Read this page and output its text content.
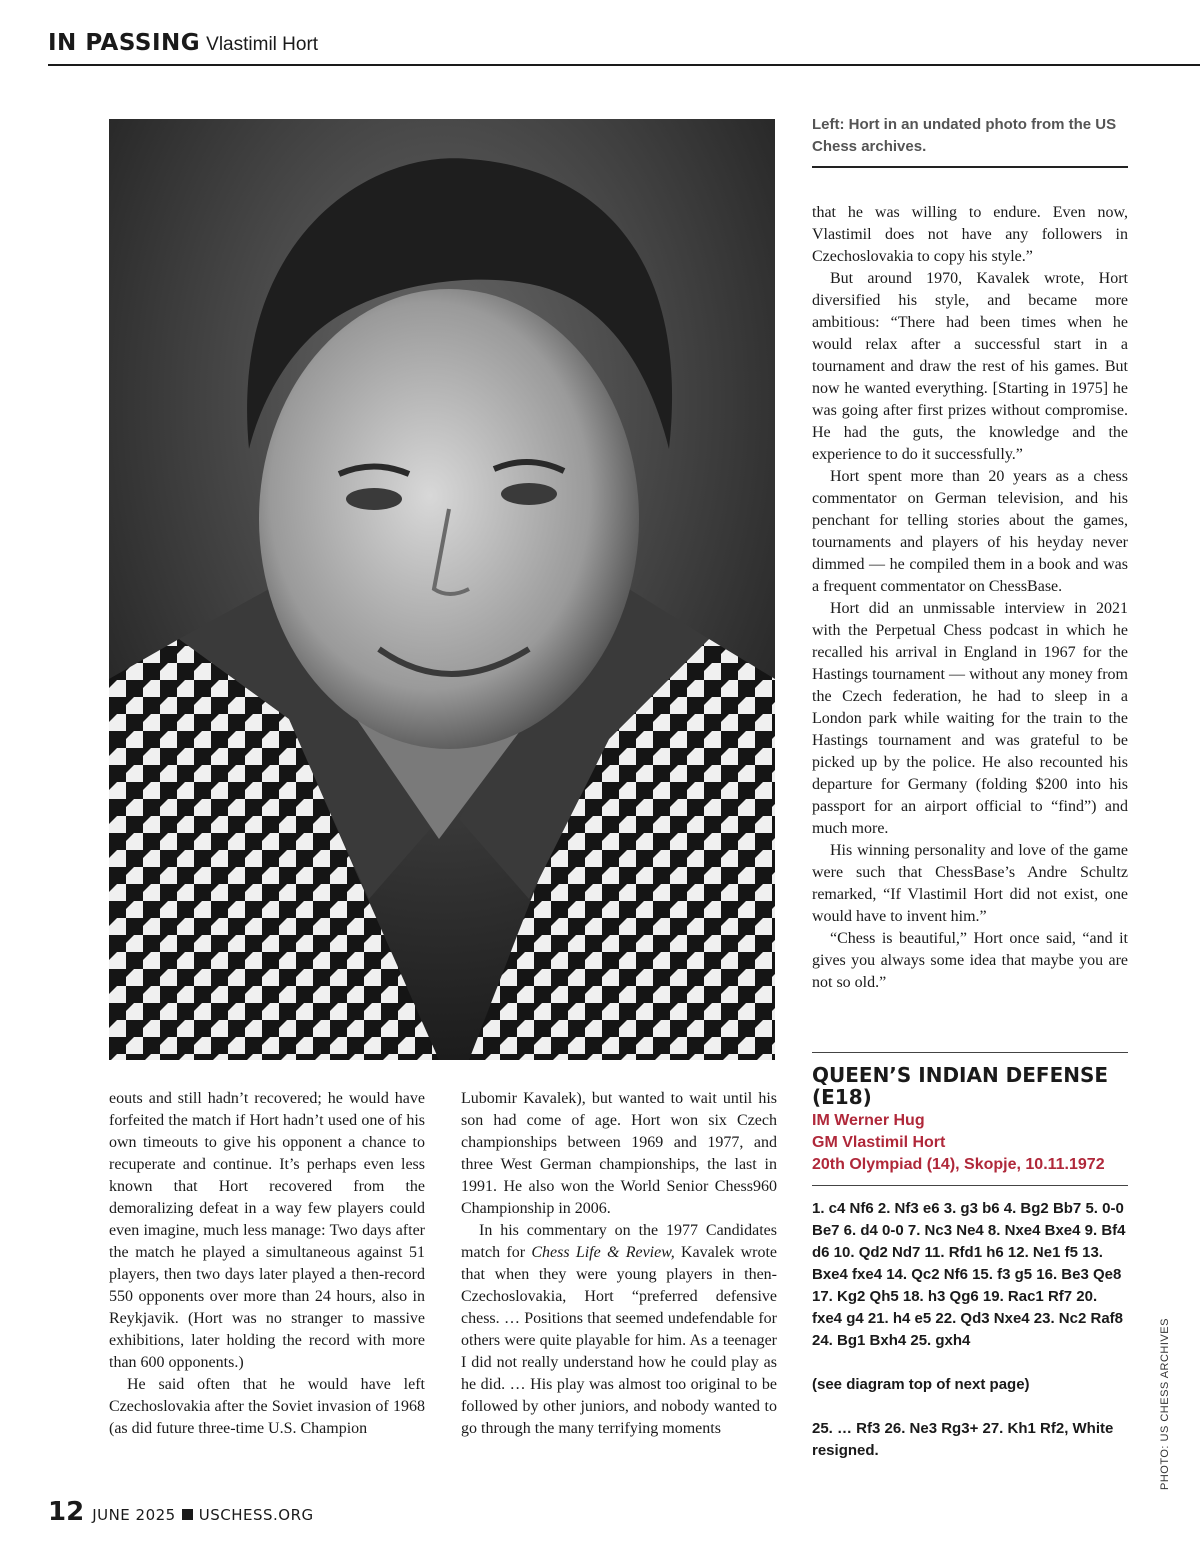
IN PASSING Vlastimil Hort
Left: Hort in an undated photo from the US Chess archives.

eouts and still hadn’t recovered; he would have forfeited the match if Hort hadn’t used one of his own timeouts to give his opponent a chance to recuperate and continue. It’s perhaps even less known that Hort recovered from the demoralizing defeat in a way few players could even imagine, much less manage: Two days after the match he played a simultaneous against 51 players, then two days later played a then-record 550 opponents over more than 24 hours, also in Reykjavik. (Hort was no stranger to massive exhibitions, later holding the record with more than 600 opponents.)

He said often that he would have left Czechoslovakia after the Soviet invasion of 1968 (as did future three-time U.S. Champion

Lubomir Kavalek), but wanted to wait until his son had come of age. Hort won six Czech championships between 1969 and 1977, and three West German championships, the last in 1991. He also won the World Senior Chess960 Championship in 2006.

In his commentary on the 1977 Candidates match for Chess Life & Review, Kavalek wrote that when they were young players in then-Czechoslovakia, Hort “preferred defensive chess. … Positions that seemed undefendable for others were quite playable for him. As a teenager I did not really understand how he could play as he did. … His play was almost too original to be followed by other juniors, and nobody wanted to go through the many terrifying moments

that he was willing to endure. Even now, Vlastimil does not have any followers in Czechoslovakia to copy his style.”

But around 1970, Kavalek wrote, Hort diversified his style, and became more ambitious: “There had been times when he would relax after a successful start in a tournament and draw the rest of his games. But now he wanted everything. [Starting in 1975] he was going after first prizes without compromise. He had the guts, the knowledge and the experience to do it successfully.”

Hort spent more than 20 years as a chess commentator on German television, and his penchant for telling stories about the games, tournaments and players of his heyday never dimmed — he compiled them in a book and was a frequent commentator on ChessBase.

Hort did an unmissable interview in 2021 with the Perpetual Chess podcast in which he recalled his arrival in England in 1967 for the Hastings tournament — without any money from the Czech federation, he had to sleep in a London park while waiting for the train to the Hastings tournament and was grateful to be picked up by the police. He also recounted his departure for Germany (folding $200 into his passport for an airport official to “find”) and much more.

His winning personality and love of the game were such that ChessBase’s Andre Schultz remarked, “If Vlastimil Hort did not exist, one would have to invent him.”

“Chess is beautiful,” Hort once said, “and it gives you always some idea that maybe you are not so old.”

QUEEN’S INDIAN DEFENSE (E18)
IM Werner Hug
GM Vlastimil Hort
20th Olympiad (14), Skopje, 10.11.1972

1. c4 Nf6 2. Nf3 e6 3. g3 b6 4. Bg2 Bb7 5. 0-0 Be7 6. d4 0-0 7. Nc3 Ne4 8. Nxe4 Bxe4 9. Bf4 d6 10. Qd2 Nd7 11. Rfd1 h6 12. Ne1 f5 13. Bxe4 fxe4 14. Qc2 Nf6 15. f3 g5 16. Be3 Qe8 17. Kg2 Qh5 18. h3 Qg6 19. Rac1 Rf7 20. fxe4 g4 21. h4 e5 22. Qd3 Nxe4 23. Nc2 Raf8 24. Bg1 Bxh4 25. gxh4

(see diagram top of next page)

25. … Rf3 26. Ne3 Rg3+ 27. Kh1 Rf2, White resigned.	PHOTO: US CHESS ARCHIVES
12 JUNE 2025 USCHESS.ORG
